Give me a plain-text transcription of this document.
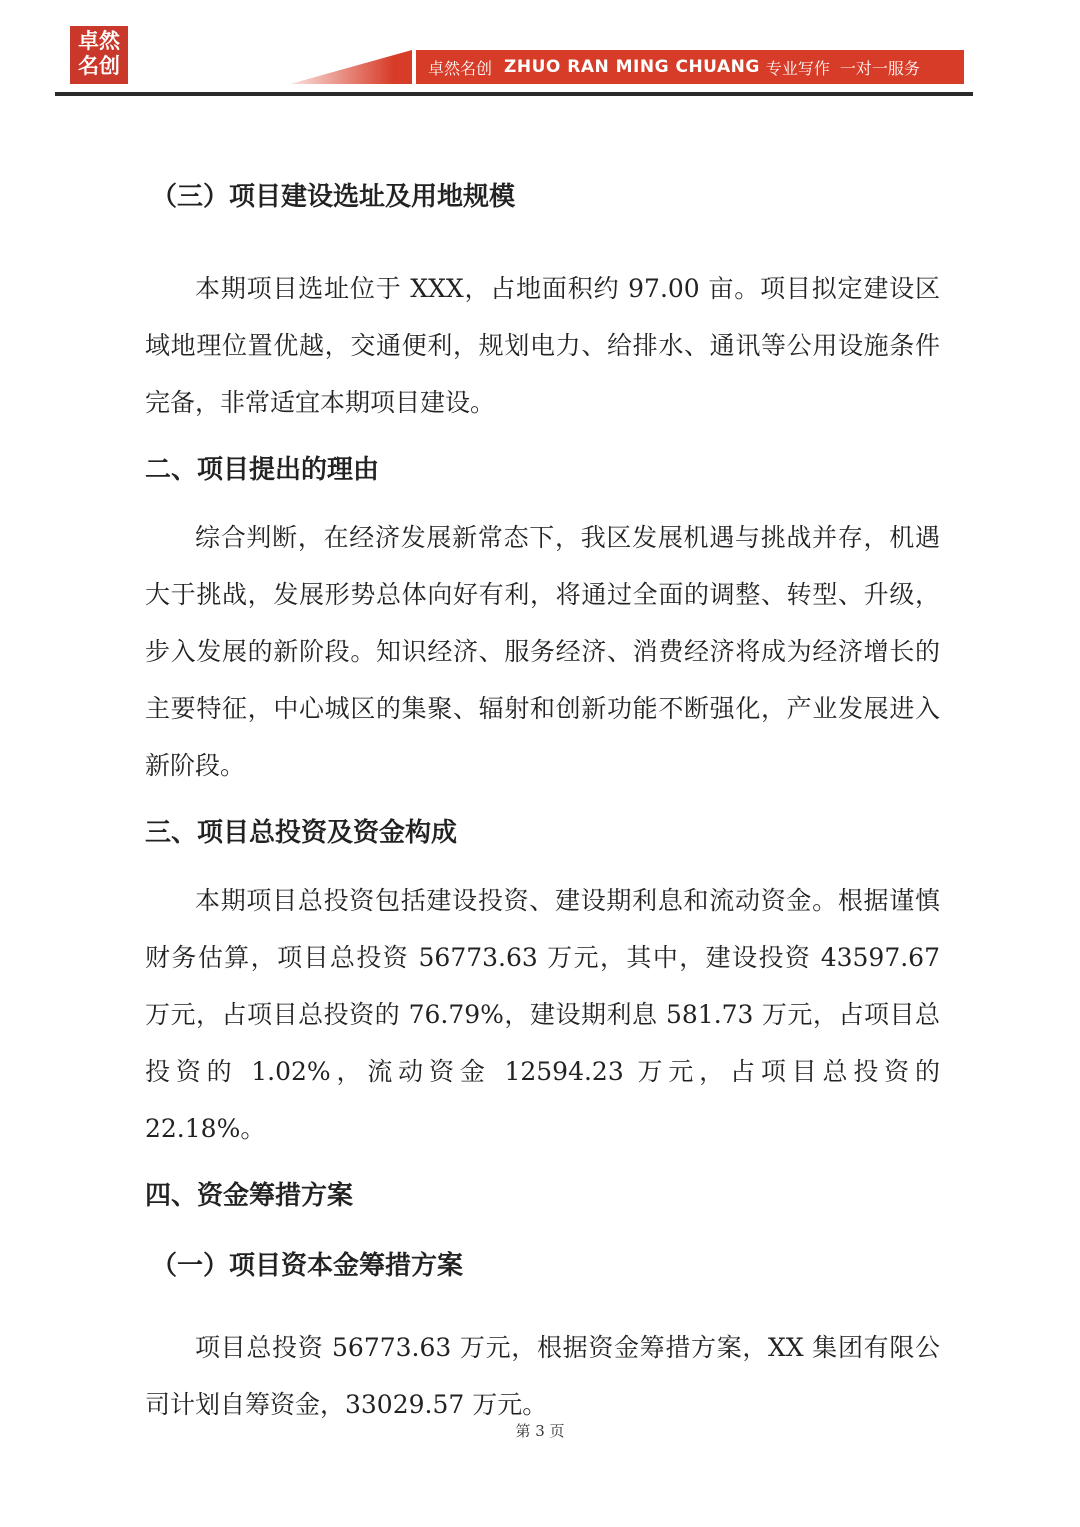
卓然
名创	卓然名创 ZHUO RAN MING CHUANG 专业写作 一对一服务
（三）项目建设选址及用地规模

本期项目选址位于 XXX，占地面积约 97.00 亩。项目拟定建设区域地理位置优越，交通便利，规划电力、给排水、通讯等公用设施条件完备，非常适宜本期项目建设。

二、项目提出的理由

综合判断，在经济发展新常态下，我区发展机遇与挑战并存，机遇大于挑战，发展形势总体向好有利，将通过全面的调整、转型、升级，步入发展的新阶段。知识经济、服务经济、消费经济将成为经济增长的主要特征，中心城区的集聚、辐射和创新功能不断强化，产业发展进入新阶段。

三、项目总投资及资金构成

本期项目总投资包括建设投资、建设期利息和流动资金。根据谨慎财务估算，项目总投资 56773.63 万元，其中，建设投资 43597.67 万元，占项目总投资的 76.79%，建设期利息 581.73 万元，占项目总投资的 1.02%，流动资金 12594.23 万元，占项目总投资的 22.18%。

四、资金筹措方案
（一）项目资本金筹措方案

项目总投资 56773.63 万元，根据资金筹措方案，XX 集团有限公司计划自筹资金，33029.57 万元。

第 3 页
